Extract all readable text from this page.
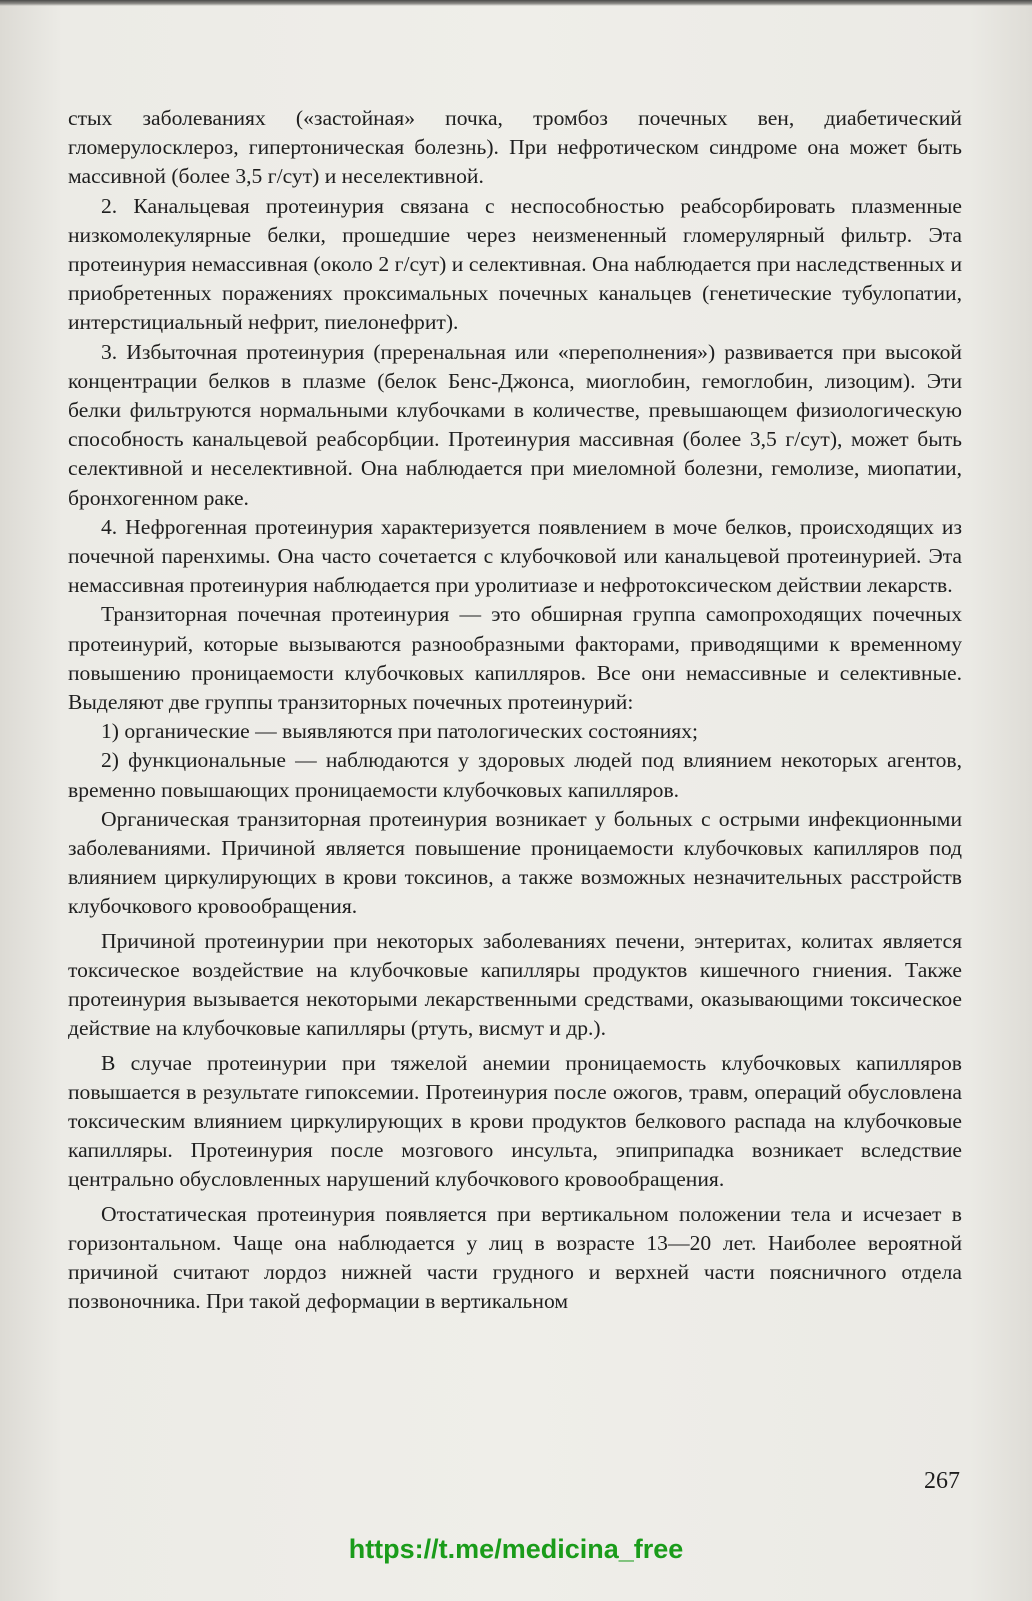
стых заболеваниях («застойная» почка, тромбоз почечных вен, диабетический гломерулосклероз, гипертоническая болезнь). При нефротическом синдроме она может быть массивной (более 3,5 г/сут) и неселективной.

2. Канальцевая протеинурия связана с неспособностью реабсорбировать плазменные низкомолекулярные белки, прошедшие через неизмененный гломерулярный фильтр. Эта протеинурия немассивная (около 2 г/сут) и селективная. Она наблюдается при наследственных и приобретенных поражениях проксимальных почечных канальцев (генетические тубулопатии, интерстициальный нефрит, пиелонефрит).

3. Избыточная протеинурия (преренальная или «переполнения») развивается при высокой концентрации белков в плазме (белок Бенс-Джонса, миоглобин, гемоглобин, лизоцим). Эти белки фильтруются нормальными клубочками в количестве, превышающем физиологическую способность канальцевой реабсорбции. Протеинурия массивная (более 3,5 г/сут), может быть селективной и неселективной. Она наблюдается при миеломной болезни, гемолизе, миопатии, бронхогенном раке.

4. Нефрогенная протеинурия характеризуется появлением в моче белков, происходящих из почечной паренхимы. Она часто сочетается с клубочковой или канальцевой протеинурией. Эта немассивная протеинурия наблюдается при уролитиазе и нефротоксическом действии лекарств.

Транзиторная почечная протеинурия — это обширная группа самопроходящих почечных протеинурий, которые вызываются разнообразными факторами, приводящими к временному повышению проницаемости клубочковых капилляров. Все они немассивные и селективные. Выделяют две группы транзиторных почечных протеинурий:

1) органические — выявляются при патологических состояниях;

2) функциональные — наблюдаются у здоровых людей под влиянием некоторых агентов, временно повышающих проницаемости клубочковых капилляров.

Органическая транзиторная протеинурия возникает у больных с острыми инфекционными заболеваниями. Причиной является повышение проницаемости клубочковых капилляров под влиянием циркулирующих в крови токсинов, а также возможных незначительных расстройств клубочкового кровообращения.

Причиной протеинурии при некоторых заболеваниях печени, энтеритах, колитах является токсическое воздействие на клубочковые капилляры продуктов кишечного гниения. Также протеинурия вызывается некоторыми лекарственными средствами, оказывающими токсическое действие на клубочковые капилляры (ртуть, висмут и др.).

В случае протеинурии при тяжелой анемии проницаемость клубочковых капилляров повышается в результате гипоксемии. Протеинурия после ожогов, травм, операций обусловлена токсическим влиянием циркулирующих в крови продуктов белкового распада на клубочковые капилляры. Протеинурия после мозгового инсульта, эпиприпадка возникает вследствие центрально обусловленных нарушений клубочкового кровообращения.

Отостатическая протеинурия появляется при вертикальном положении тела и исчезает в горизонтальном. Чаще она наблюдается у лиц в возрасте 13—20 лет. Наиболее вероятной причиной считают лордоз нижней части грудного и верхней части поясничного отдела позвоночника. При такой деформации в вертикальном

267
https://t.me/medicina_free
